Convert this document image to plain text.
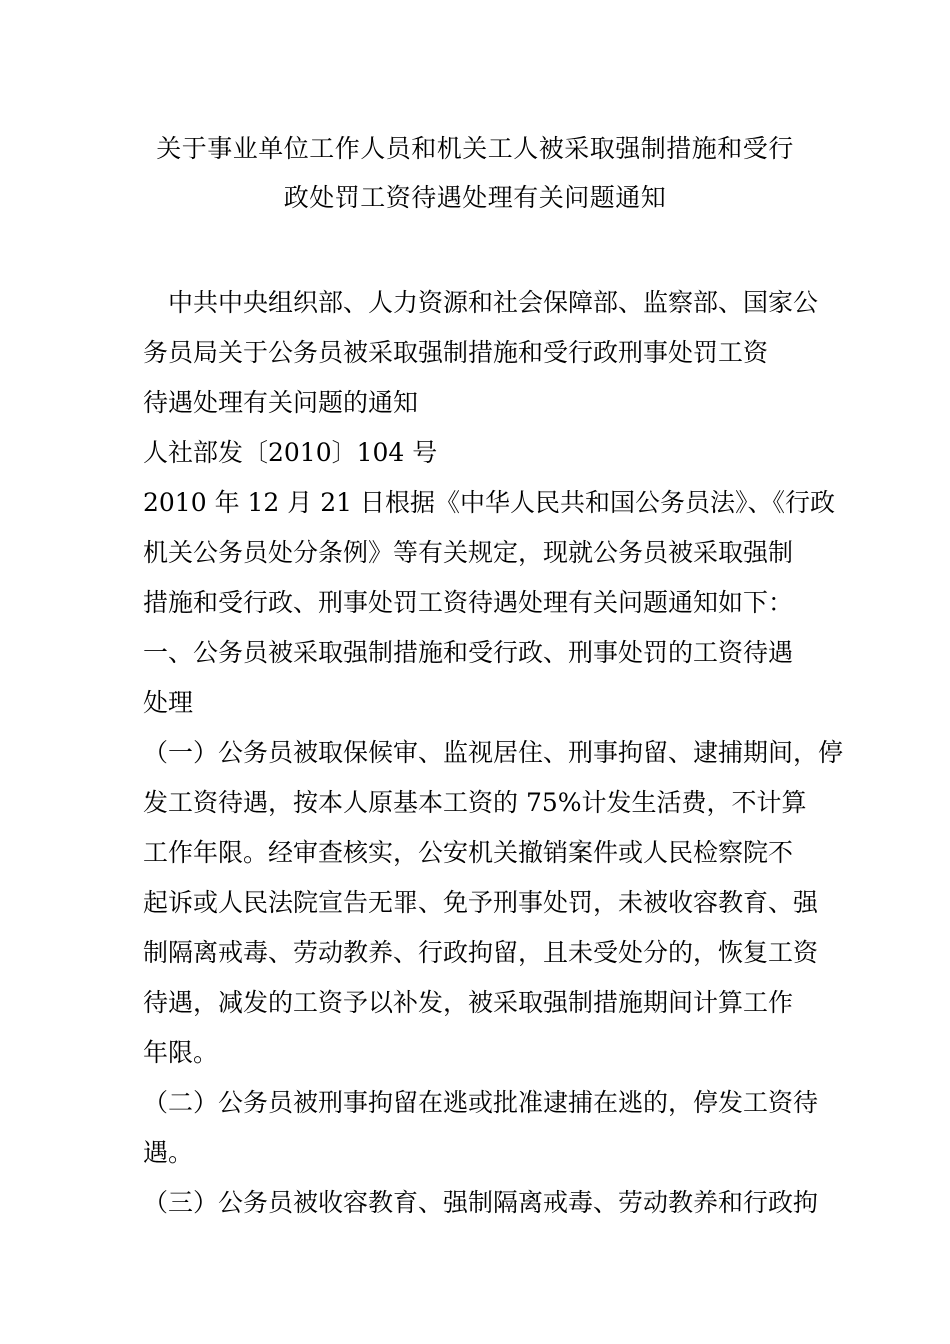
关于事业单位工作人员和机关工人被采取强制措施和受行
政处罚工资待遇处理有关问题通知
中共中央组织部、人力资源和社会保障部、监察部、国家公
务员局关于公务员被采取强制措施和受行政刑事处罚工资
待遇处理有关问题的通知
人社部发〔2010〕104 号
2010 年 12 月 21 日根据《中华人民共和国公务员法》、《行政
机关公务员处分条例》等有关规定，现就公务员被采取强制
措施和受行政、刑事处罚工资待遇处理有关问题通知如下：
一、公务员被采取强制措施和受行政、刑事处罚的工资待遇
处理
（一）公务员被取保候审、监视居住、刑事拘留、逮捕期间，停
发工资待遇，按本人原基本工资的 75%计发生活费，不计算
工作年限。经审查核实，公安机关撤销案件或人民检察院不
起诉或人民法院宣告无罪、免予刑事处罚，未被收容教育、强
制隔离戒毒、劳动教养、行政拘留，且未受处分的，恢复工资
待遇，减发的工资予以补发，被采取强制措施期间计算工作
年限。
（二）公务员被刑事拘留在逃或批准逮捕在逃的，停发工资待
遇。
（三）公务员被收容教育、强制隔离戒毒、劳动教养和行政拘
